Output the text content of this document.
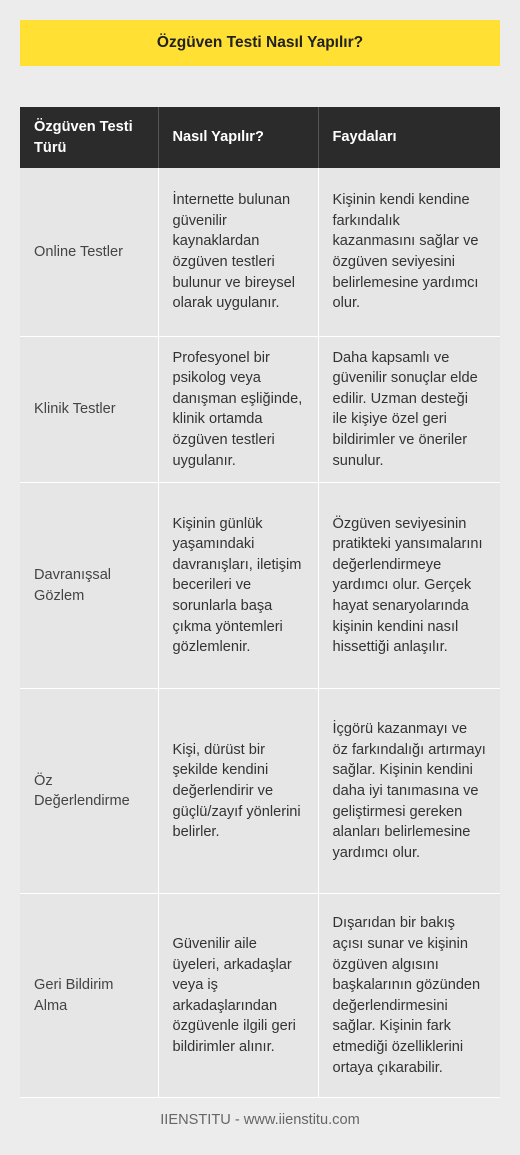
Özgüven Testi Nasıl Yapılır?
Özgüven Testi Türü	Nasıl Yapılır?	Faydaları
Online Testler	İnternette bulunan güvenilir kaynaklardan özgüven testleri bulunur ve bireysel olarak uygulanır.	Kişinin kendi kendine farkındalık kazanmasını sağlar ve özgüven seviyesini belirlemesine yardımcı olur.
Klinik Testler	Profesyonel bir psikolog veya danışman eşliğinde, klinik ortamda özgüven testleri uygulanır.	Daha kapsamlı ve güvenilir sonuçlar elde edilir. Uzman desteği ile kişiye özel geri bildirimler ve öneriler sunulur.
Davranışsal Gözlem	Kişinin günlük yaşamındaki davranışları, iletişim becerileri ve sorunlarla başa çıkma yöntemleri gözlemlenir.	Özgüven seviyesinin pratikteki yansımalarını değerlendirmeye yardımcı olur. Gerçek hayat senaryolarında kişinin kendini nasıl hissettiği anlaşılır.
Öz Değerlendirme	Kişi, dürüst bir şekilde kendini değerlendirir ve güçlü/zayıf yönlerini belirler.	İçgörü kazanmayı ve öz farkındalığı artırmayı sağlar. Kişinin kendini daha iyi tanımasına ve geliştirmesi gereken alanları belirlemesine yardımcı olur.
Geri Bildirim Alma	Güvenilir aile üyeleri, arkadaşlar veya iş arkadaşlarından özgüvenle ilgili geri bildirimler alınır.	Dışarıdan bir bakış açısı sunar ve kişinin özgüven algısını başkalarının gözünden değerlendirmesini sağlar. Kişinin fark etmediği özelliklerini ortaya çıkarabilir.
IIENSTITU - www.iienstitu.com
